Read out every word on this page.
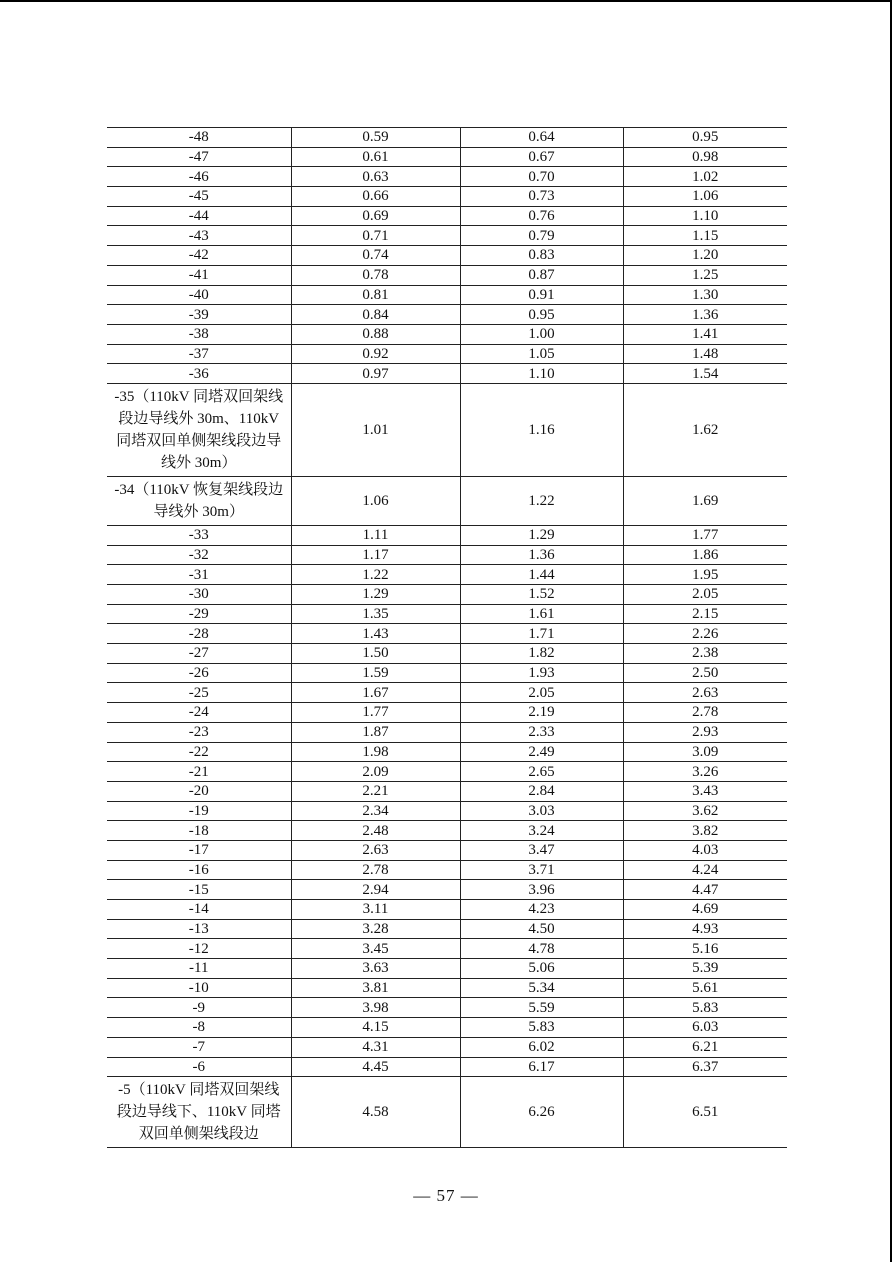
-48	0.59	0.64	0.95
-47	0.61	0.67	0.98
-46	0.63	0.70	1.02
-45	0.66	0.73	1.06
-44	0.69	0.76	1.10
-43	0.71	0.79	1.15
-42	0.74	0.83	1.20
-41	0.78	0.87	1.25
-40	0.81	0.91	1.30
-39	0.84	0.95	1.36
-38	0.88	1.00	1.41
-37	0.92	1.05	1.48
-36	0.97	1.10	1.54
-35（110kV 同塔双回架线段边导线外 30m、110kV 同塔双回单侧架线段边导线外 30m）	1.01	1.16	1.62
-34（110kV 恢复架线段边导线外 30m）	1.06	1.22	1.69
-33	1.11	1.29	1.77
-32	1.17	1.36	1.86
-31	1.22	1.44	1.95
-30	1.29	1.52	2.05
-29	1.35	1.61	2.15
-28	1.43	1.71	2.26
-27	1.50	1.82	2.38
-26	1.59	1.93	2.50
-25	1.67	2.05	2.63
-24	1.77	2.19	2.78
-23	1.87	2.33	2.93
-22	1.98	2.49	3.09
-21	2.09	2.65	3.26
-20	2.21	2.84	3.43
-19	2.34	3.03	3.62
-18	2.48	3.24	3.82
-17	2.63	3.47	4.03
-16	2.78	3.71	4.24
-15	2.94	3.96	4.47
-14	3.11	4.23	4.69
-13	3.28	4.50	4.93
-12	3.45	4.78	5.16
-11	3.63	5.06	5.39
-10	3.81	5.34	5.61
-9	3.98	5.59	5.83
-8	4.15	5.83	6.03
-7	4.31	6.02	6.21
-6	4.45	6.17	6.37
-5（110kV 同塔双回架线段边导线下、110kV 同塔双回单侧架线段边	4.58	6.26	6.51
— 57 —
